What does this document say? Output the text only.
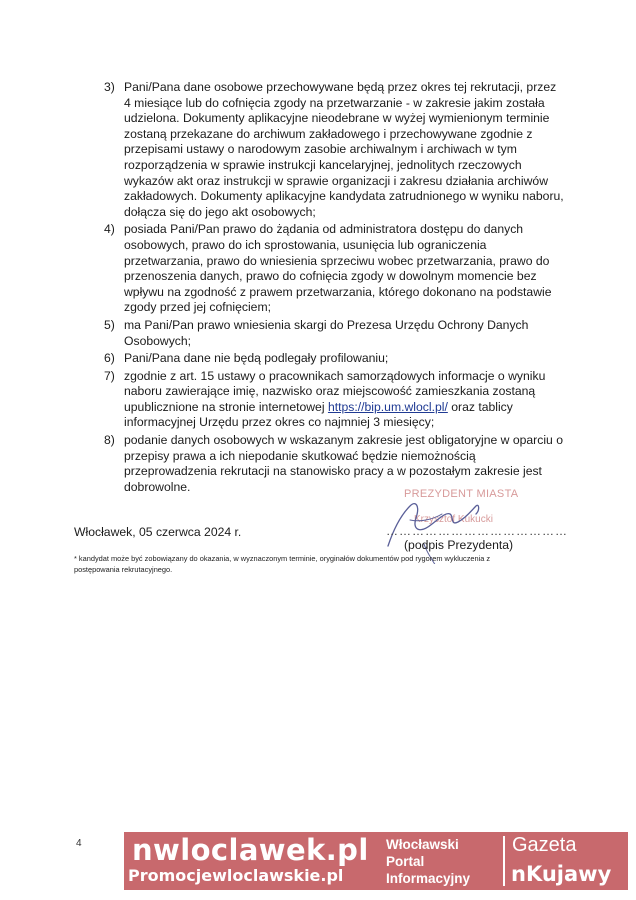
3) Pani/Pana dane osobowe przechowywane będą przez okres tej rekrutacji, przez 4 miesiące lub do cofnięcia zgody na przetwarzanie - w zakresie jakim została udzielona. Dokumenty aplikacyjne nieodebrane w wyżej wymienionym terminie zostaną przekazane do archiwum zakładowego i przechowywane zgodnie z przepisami ustawy o narodowym zasobie archiwalnym i archiwach w tym rozporządzenia w sprawie instrukcji kancelaryjnej, jednolitych rzeczowych wykazów akt oraz instrukcji w sprawie organizacji i zakresu działania archiwów zakładowych. Dokumenty aplikacyjne kandydata zatrudnionego w wyniku naboru, dołącza się do jego akt osobowych;
4) posiada Pani/Pan prawo do żądania od administratora dostępu do danych osobowych, prawo do ich sprostowania, usunięcia lub ograniczenia przetwarzania, prawo do wniesienia sprzeciwu wobec przetwarzania, prawo do przenoszenia danych, prawo do cofnięcia zgody w dowolnym momencie bez wpływu na zgodność z prawem przetwarzania, którego dokonano na podstawie zgody przed jej cofnięciem;
5) ma Pani/Pan prawo wniesienia skargi do Prezesa Urzędu Ochrony Danych Osobowych;
6) Pani/Pana dane nie będą podlegały profilowaniu;
7) zgodnie z art. 15 ustawy o pracownikach samorządowych informacje o wyniku naboru zawierające imię, nazwisko oraz miejscowość zamieszkania zostaną upublicznione na stronie internetowej https://bip.um.wlocl.pl/ oraz tablicy informacyjnej Urzędu przez okres co najmniej 3 miesięcy;
8) podanie danych osobowych w wskazanym zakresie jest obligatoryjne w oparciu o przepisy prawa a ich niepodanie skutkować będzie niemożnością przeprowadzenia rekrutacji na stanowisko pracy a w pozostałym zakresie jest dobrowolne.
Włocławek, 05 czerwca 2024 r.
PREZYDENT MIASTA
Krzysztof Kukucki
……………………………………
(podpis Prezydenta)
* kandydat może być zobowiązany do okazania, w wyznaczonym terminie, oryginałów dokumentów pod rygorem wykluczenia z postępowania rekrutacyjnego.
4 nwloclawek.pl
Promocjewloclawskie.pl
Włocławski
Portal
Informacyjny
Gazeta
nKujawy
